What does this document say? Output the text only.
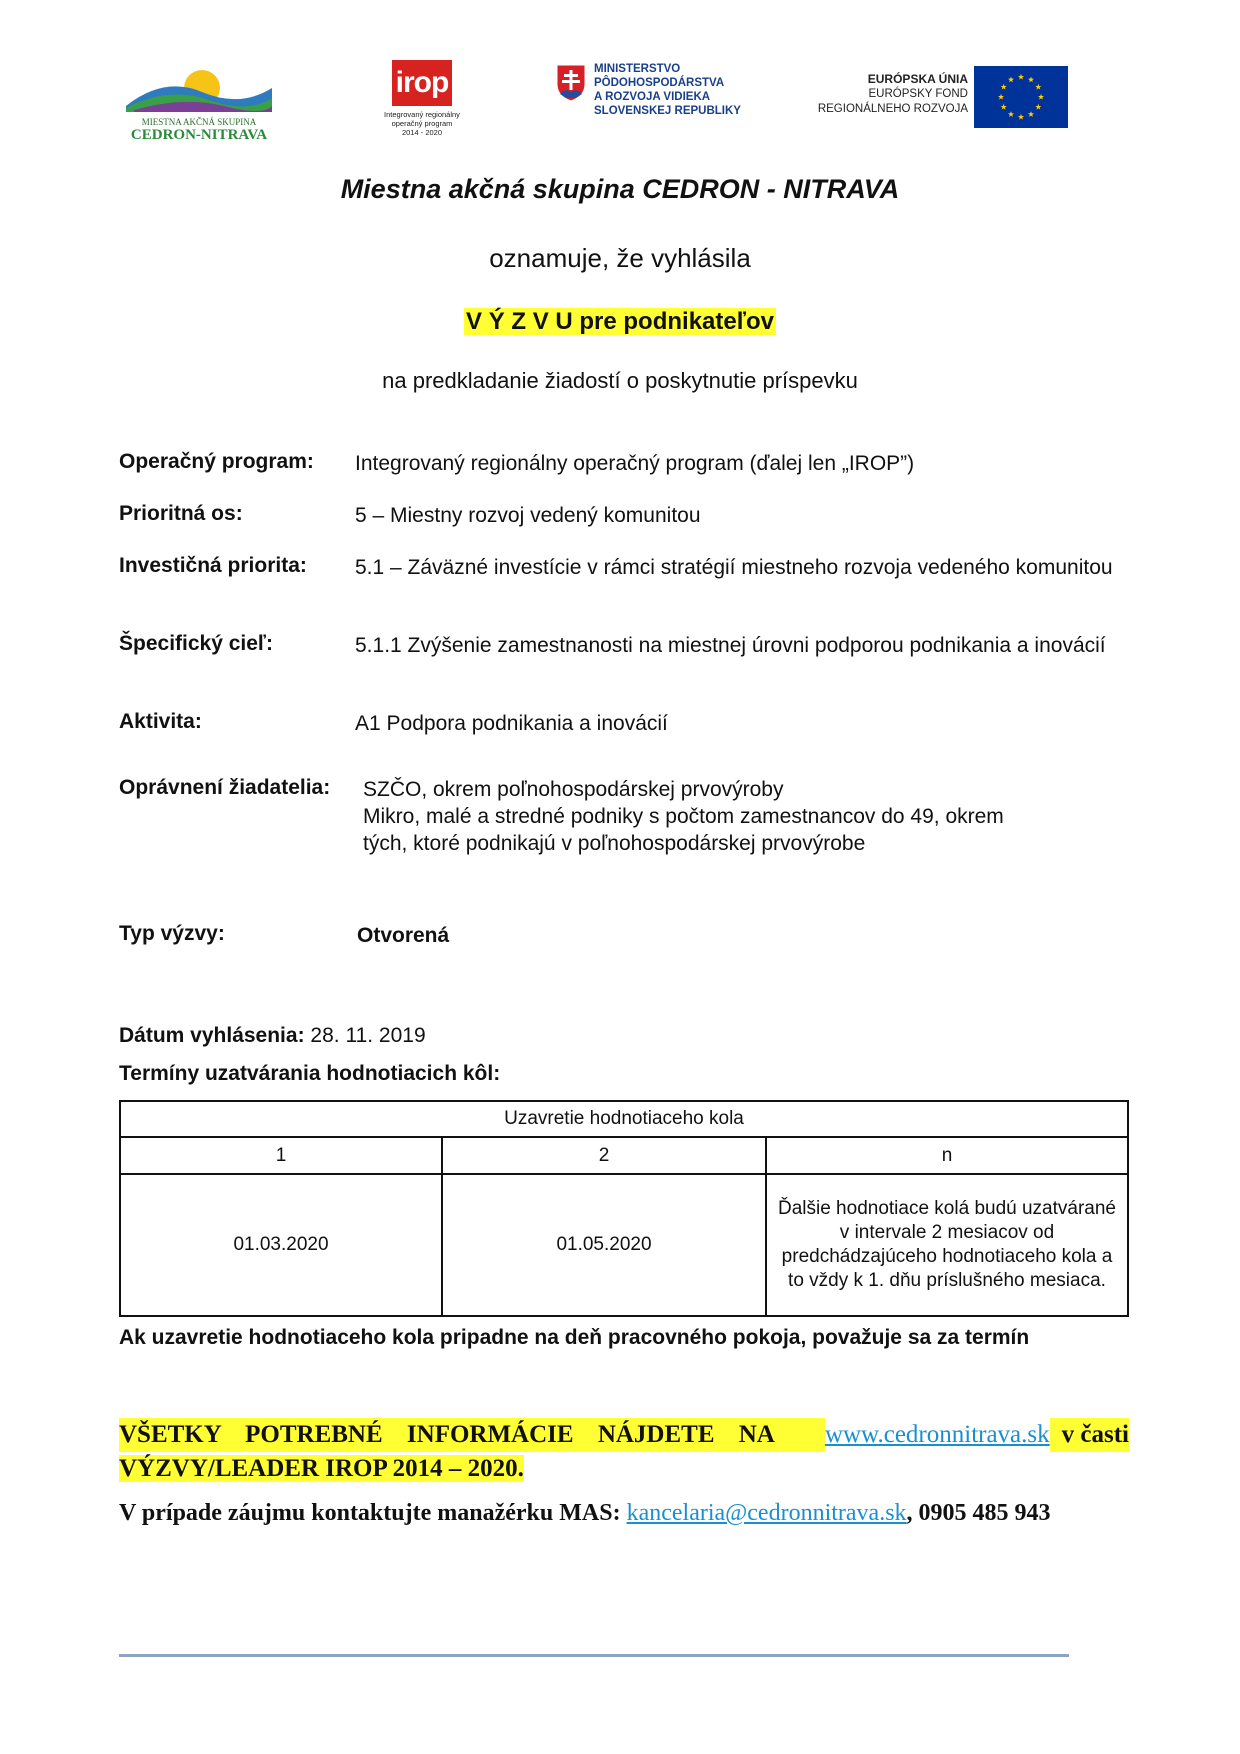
MIESTNA AKČNÁ SKUPINA
CEDRON-NITRAVA
irop
Integrovaný regionálny
operačný program
2014 - 2020
MINISTERSTVO
PÔDOHOSPODÁRSTVA
A ROZVOJA VIDIEKA
SLOVENSKEJ REPUBLIKY
EURÓPSKA ÚNIA
EURÓPSKY FOND
REGIONÁLNEHO ROZVOJA
Miestna akčná skupina CEDRON - NITRAVA
oznamuje, že vyhlásila
V Ý Z V U pre podnikateľov
na predkladanie žiadostí o poskytnutie príspevku
Operačný program: Integrovaný regionálny operačný program (ďalej len „IROP”)
Prioritná os:	5 – Miestny rozvoj vedený komunitou
Investičná priorita: 5.1 – Záväzné investície v rámci stratégií miestneho rozvoja vedeného komunitou
Špecifický cieľ:	5.1.1 Zvýšenie zamestnanosti na miestnej úrovni podporou podnikania a inovácií
Aktivita:	A1 Podpora podnikania a inovácií
Oprávnení žiadatelia: SZČO, okrem poľnohospodárskej prvovýroby
Mikro, malé a stredné podniky s počtom zamestnancov do 49, okrem
tých, ktoré podnikajú v poľnohospodárskej prvovýrobe
Typ výzvy:	Otvorená
Dátum vyhlásenia: 28. 11. 2019
Termíny uzatvárania hodnotiacich kôl:
Uzavretie hodnotiaceho kola		
1	2	n
01.03.2020	01.05.2020	Ďalšie hodnotiace kolá budú uzatvárané v intervale 2 mesiacov od predchádzajúceho hodnotiaceho kola a to vždy k 1. dňu príslušného mesiaca.
Ak uzavretie hodnotiaceho kola pripadne na deň pracovného pokoja, považuje sa za termín
VŠETKY POTREBNÉ INFORMÁCIE NÁJDETE NA www.cedronnitrava.sk v časti
VÝZVY/LEADER IROP 2014 – 2020.
V prípade záujmu kontaktujte manažérku MAS: kancelaria@cedronnitrava.sk, 0905 485 943
